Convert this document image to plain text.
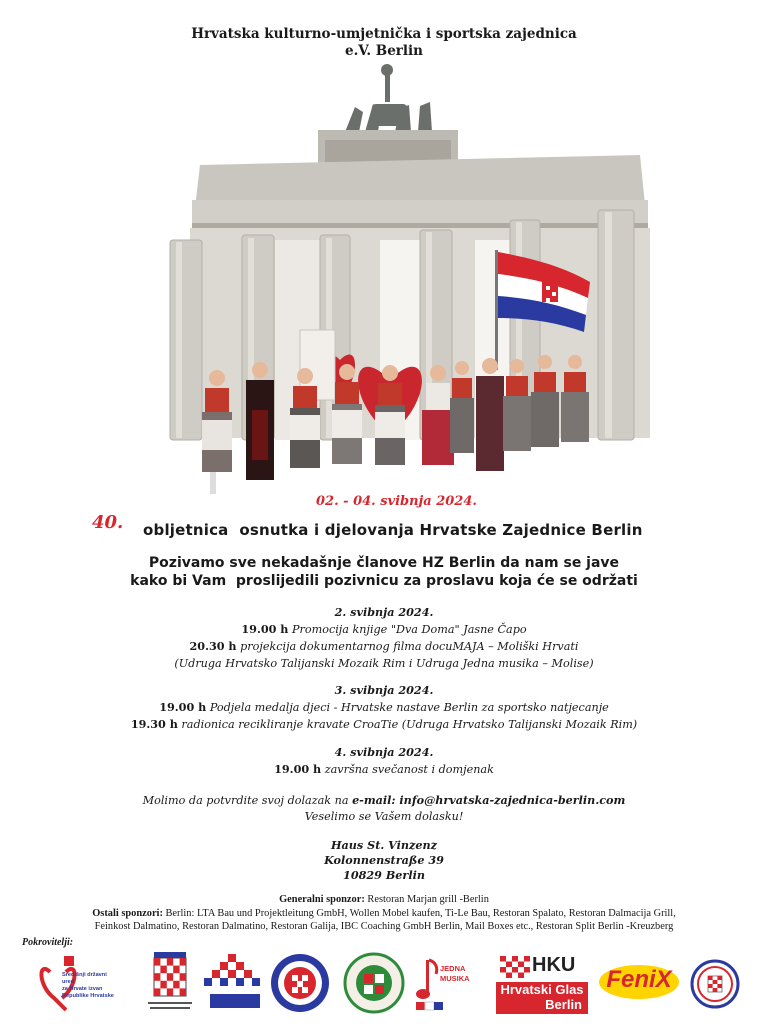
Hrvatska kulturno-umjetnička i sportska zajednica
e.V. Berlin
02. - 04. svibnja 2024.
40. obljetnica  osnutka i djelovanja Hrvatske Zajednice Berlin
Pozivamo sve nekadašnje članove HZ Berlin da nam se jave
kako bi Vam  proslijedili pozivnicu za proslavu koja će se održati
2. svibnja 2024.
19.00 h Promocija knjige "Dva Doma" Jasne Čapo
20.30 h projekcija dokumentarnog filma docuMAJA – Moliški Hrvati
(Udruga Hrvatsko Talijanski Mozaik Rim i Udruga Jedna musika – Molise)
3. svibnja 2024.
19.00 h Podjela medalja djeci - Hrvatske nastave Berlin za sportsko natjecanje
19.30 h radionica recikliranje kravate CroaTie (Udruga Hrvatsko Talijanski Mozaik Rim)
4. svibnja 2024.
19.00 h završna svečanost i domjenak
Molimo da potvrdite svoj dolazak na e-mail: info@hrvatska-zajednica-berlin.com
Veselimo se Vašem dolasku!
Haus St. Vinzenz
Kolonnenstraße 39
10829 Berlin
Generalni sponzor: Restoran Marjan grill -Berlin
Ostali sponzori: Berlin: LTA Bau und Projektleitung GmbH, Wollen Mobel kaufen, Ti-Le Bau, Restoran Spalato, Restoran Dalmacija Grill,
Feinkost Dalmatino, Restoran Dalmatino, Restoran Galija, IBC Coaching GmbH Berlin, Mail Boxes etc., Restoran Split Berlin -Kreuzberg
Pokrovitelji:
Središnji državni ured
za Hrvate izvan
Republike Hrvatske
JEDNA
MUSIKA
HKU
Hrvatski Glas
Berlin
FeniX
